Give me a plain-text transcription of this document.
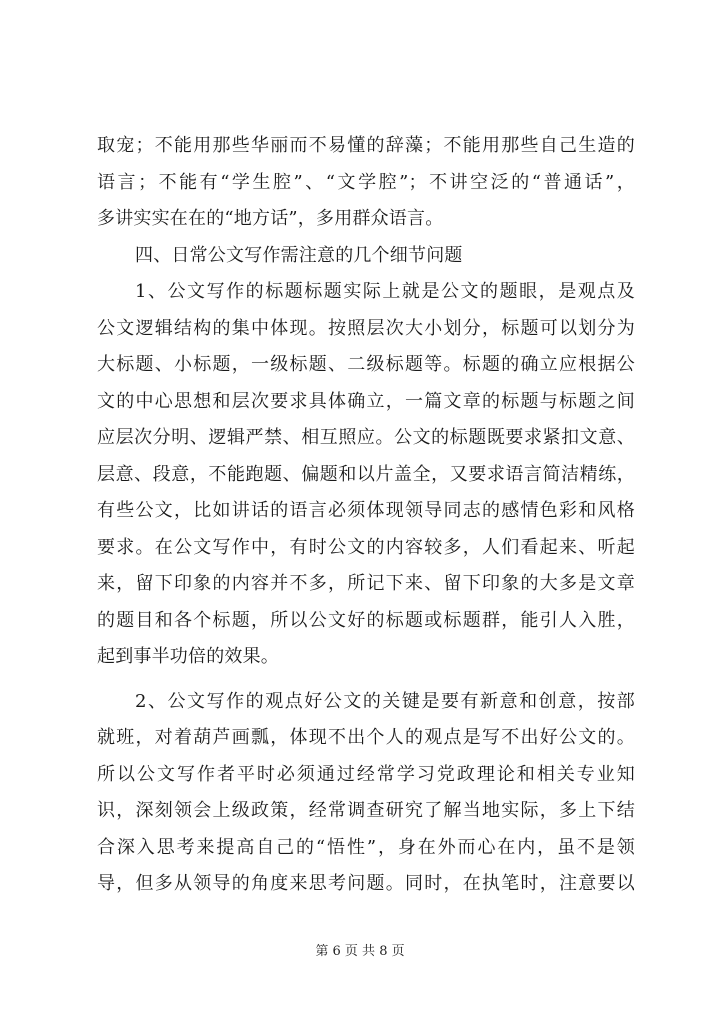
取宠；不能用那些华丽而不易懂的辞藻；不能用那些自己生造的
语言；不能有“学生腔”、“文学腔”；不讲空泛的“普通话”，
多讲实实在在的“地方话”，多用群众语言。
四、日常公文写作需注意的几个细节问题
1、公文写作的标题标题实际上就是公文的题眼，是观点及
公文逻辑结构的集中体现。按照层次大小划分，标题可以划分为
大标题、小标题，一级标题、二级标题等。标题的确立应根据公
文的中心思想和层次要求具体确立，一篇文章的标题与标题之间
应层次分明、逻辑严禁、相互照应。公文的标题既要求紧扣文意、
层意、段意，不能跑题、偏题和以片盖全，又要求语言简洁精练，
有些公文，比如讲话的语言必须体现领导同志的感情色彩和风格
要求。在公文写作中，有时公文的内容较多，人们看起来、听起
来，留下印象的内容并不多，所记下来、留下印象的大多是文章
的题目和各个标题，所以公文好的标题或标题群，能引人入胜，
起到事半功倍的效果。
2、公文写作的观点好公文的关键是要有新意和创意，按部
就班，对着葫芦画瓢，体现不出个人的观点是写不出好公文的。
所以公文写作者平时必须通过经常学习党政理论和相关专业知
识，深刻领会上级政策，经常调查研究了解当地实际，多上下结
合深入思考来提高自己的“悟性”，身在外而心在内，虽不是领
导，但多从领导的角度来思考问题。同时，在执笔时，注意要以
第 6 页 共 8 页
